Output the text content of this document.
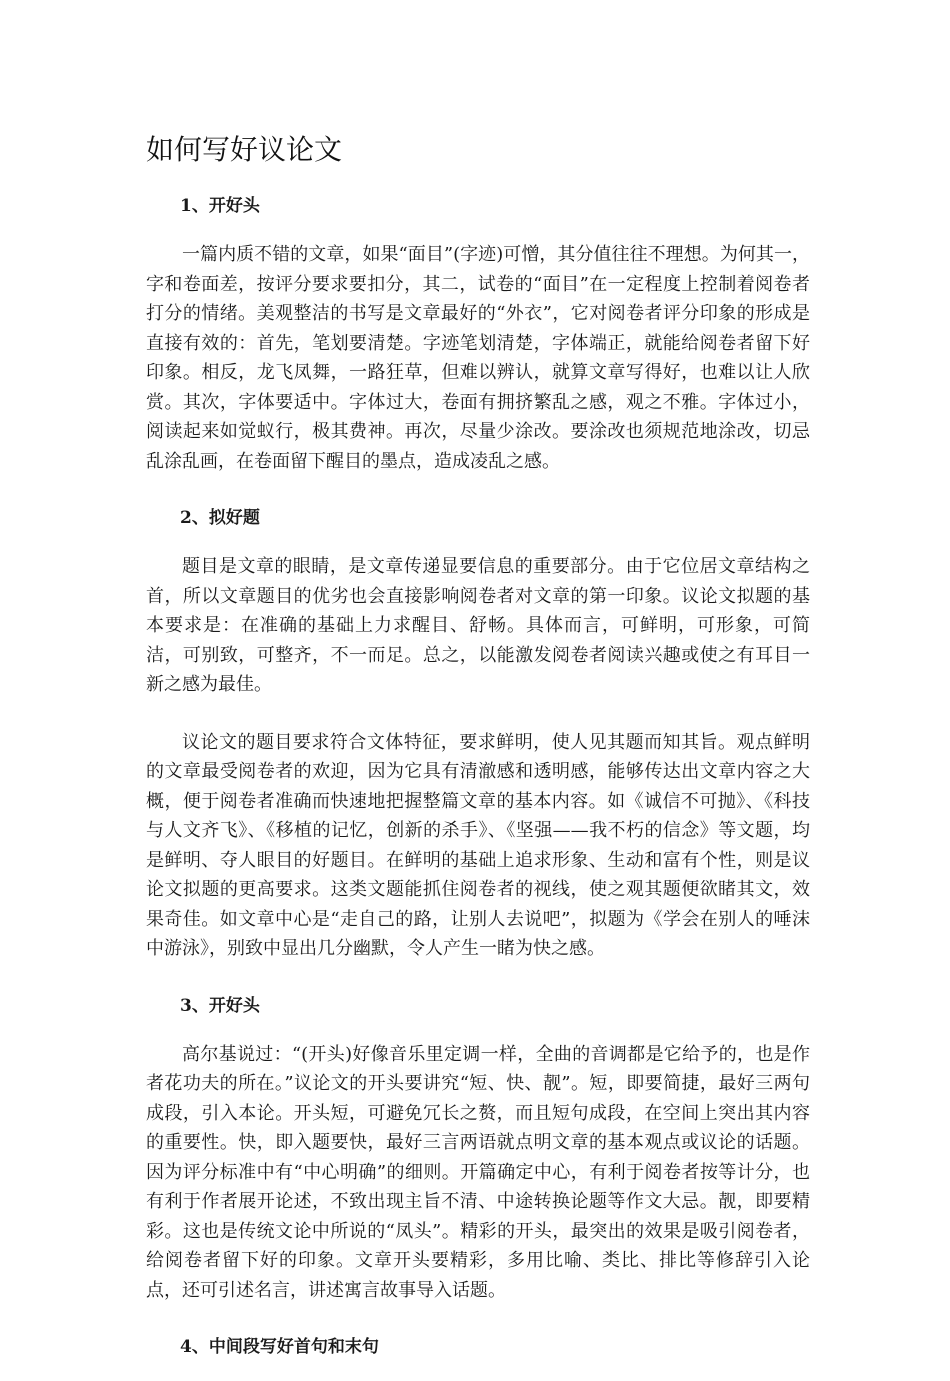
如何写好议论文
1、开好头

一篇内质不错的文章，如果“面目”(字迹)可憎，其分值往往不理想。为何其一，字和卷面差，按评分要求要扣分，其二，试卷的“面目”在一定程度上控制着阅卷者打分的情绪。美观整洁的书写是文章最好的“外衣”，它对阅卷者评分印象的形成是直接有效的：首先，笔划要清楚。字迹笔划清楚，字体端正，就能给阅卷者留下好印象。相反，龙飞凤舞，一路狂草，但难以辨认，就算文章写得好，也难以让人欣赏。其次，字体要适中。字体过大，卷面有拥挤繁乱之感，观之不雅。字体过小，阅读起来如觉蚁行，极其费神。再次，尽量少涂改。要涂改也须规范地涂改，切忌乱涂乱画，在卷面留下醒目的墨点，造成凌乱之感。

2、拟好题

题目是文章的眼睛，是文章传递显要信息的重要部分。由于它位居文章结构之首，所以文章题目的优劣也会直接影响阅卷者对文章的第一印象。议论文拟题的基本要求是：在准确的基础上力求醒目、舒畅。具体而言，可鲜明，可形象，可简洁，可别致，可整齐，不一而足。总之，以能激发阅卷者阅读兴趣或使之有耳目一新之感为最佳。

议论文的题目要求符合文体特征，要求鲜明，使人见其题而知其旨。观点鲜明的文章最受阅卷者的欢迎，因为它具有清澈感和透明感，能够传达出文章内容之大概，便于阅卷者准确而快速地把握整篇文章的基本内容。如《诚信不可抛》、《科技与人文齐飞》、《移植的记忆，创新的杀手》、《坚强——我不朽的信念》等文题，均是鲜明、夺人眼目的好题目。在鲜明的基础上追求形象、生动和富有个性，则是议论文拟题的更高要求。这类文题能抓住阅卷者的视线，使之观其题便欲睹其文，效果奇佳。如文章中心是“走自己的路，让别人去说吧”，拟题为《学会在别人的唾沫中游泳》，别致中显出几分幽默，令人产生一睹为快之感。

3、开好头

高尔基说过：“(开头)好像音乐里定调一样，全曲的音调都是它给予的，也是作者花功夫的所在。”议论文的开头要讲究“短、快、靓”。短，即要简捷，最好三两句成段，引入本论。开头短，可避免冗长之赘，而且短句成段，在空间上突出其内容的重要性。快，即入题要快，最好三言两语就点明文章的基本观点或议论的话题。因为评分标准中有“中心明确”的细则。开篇确定中心，有利于阅卷者按等计分，也有利于作者展开论述，不致出现主旨不清、中途转换论题等作文大忌。靓，即要精彩。这也是传统文论中所说的“凤头”。精彩的开头，最突出的效果是吸引阅卷者，给阅卷者留下好的印象。文章开头要精彩，多用比喻、类比、排比等修辞引入论点，还可引述名言，讲述寓言故事导入话题。

4、中间段写好首句和末句
